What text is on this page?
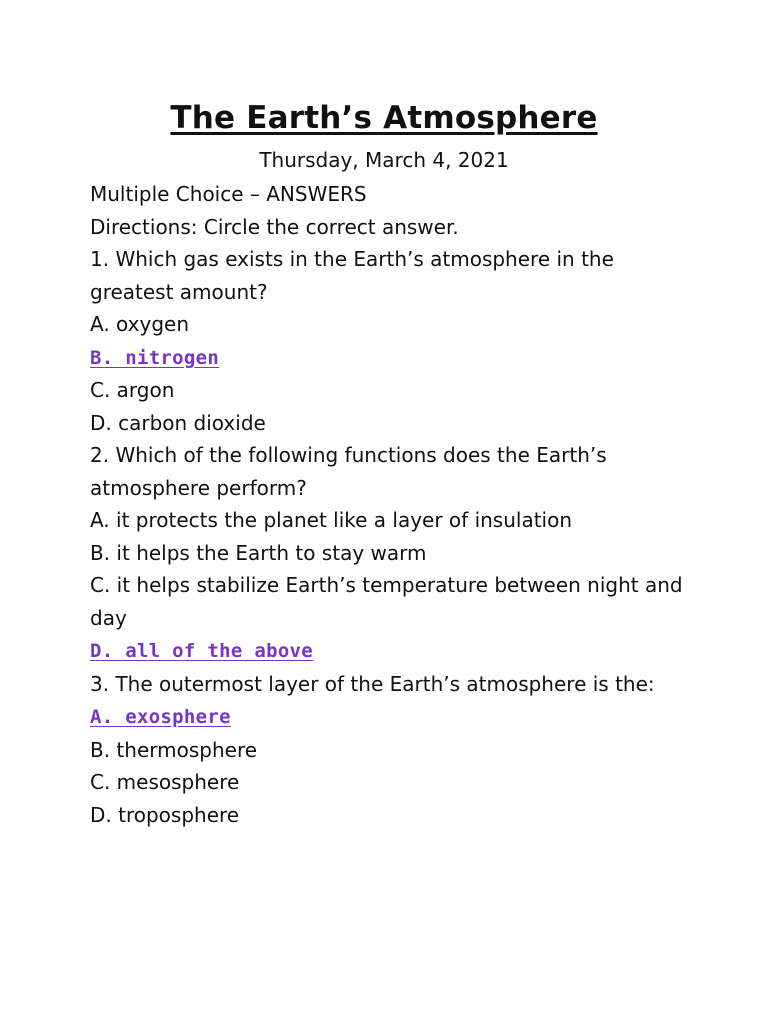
The Earth’s Atmosphere

Thursday, March 4, 2021

Multiple Choice – ANSWERS

Directions: Circle the correct answer.

1. Which gas exists in the Earth’s atmosphere in the greatest amount?

A. oxygen

B. nitrogen

C. argon

D. carbon dioxide

2. Which of the following functions does the Earth’s atmosphere perform?

A. it protects the planet like a layer of insulation

B. it helps the Earth to stay warm

C. it helps stabilize Earth’s temperature between night and day

D. all of the above

3. The outermost layer of the Earth’s atmosphere is the:

A. exosphere

B. thermosphere

C. mesosphere

D. troposphere
